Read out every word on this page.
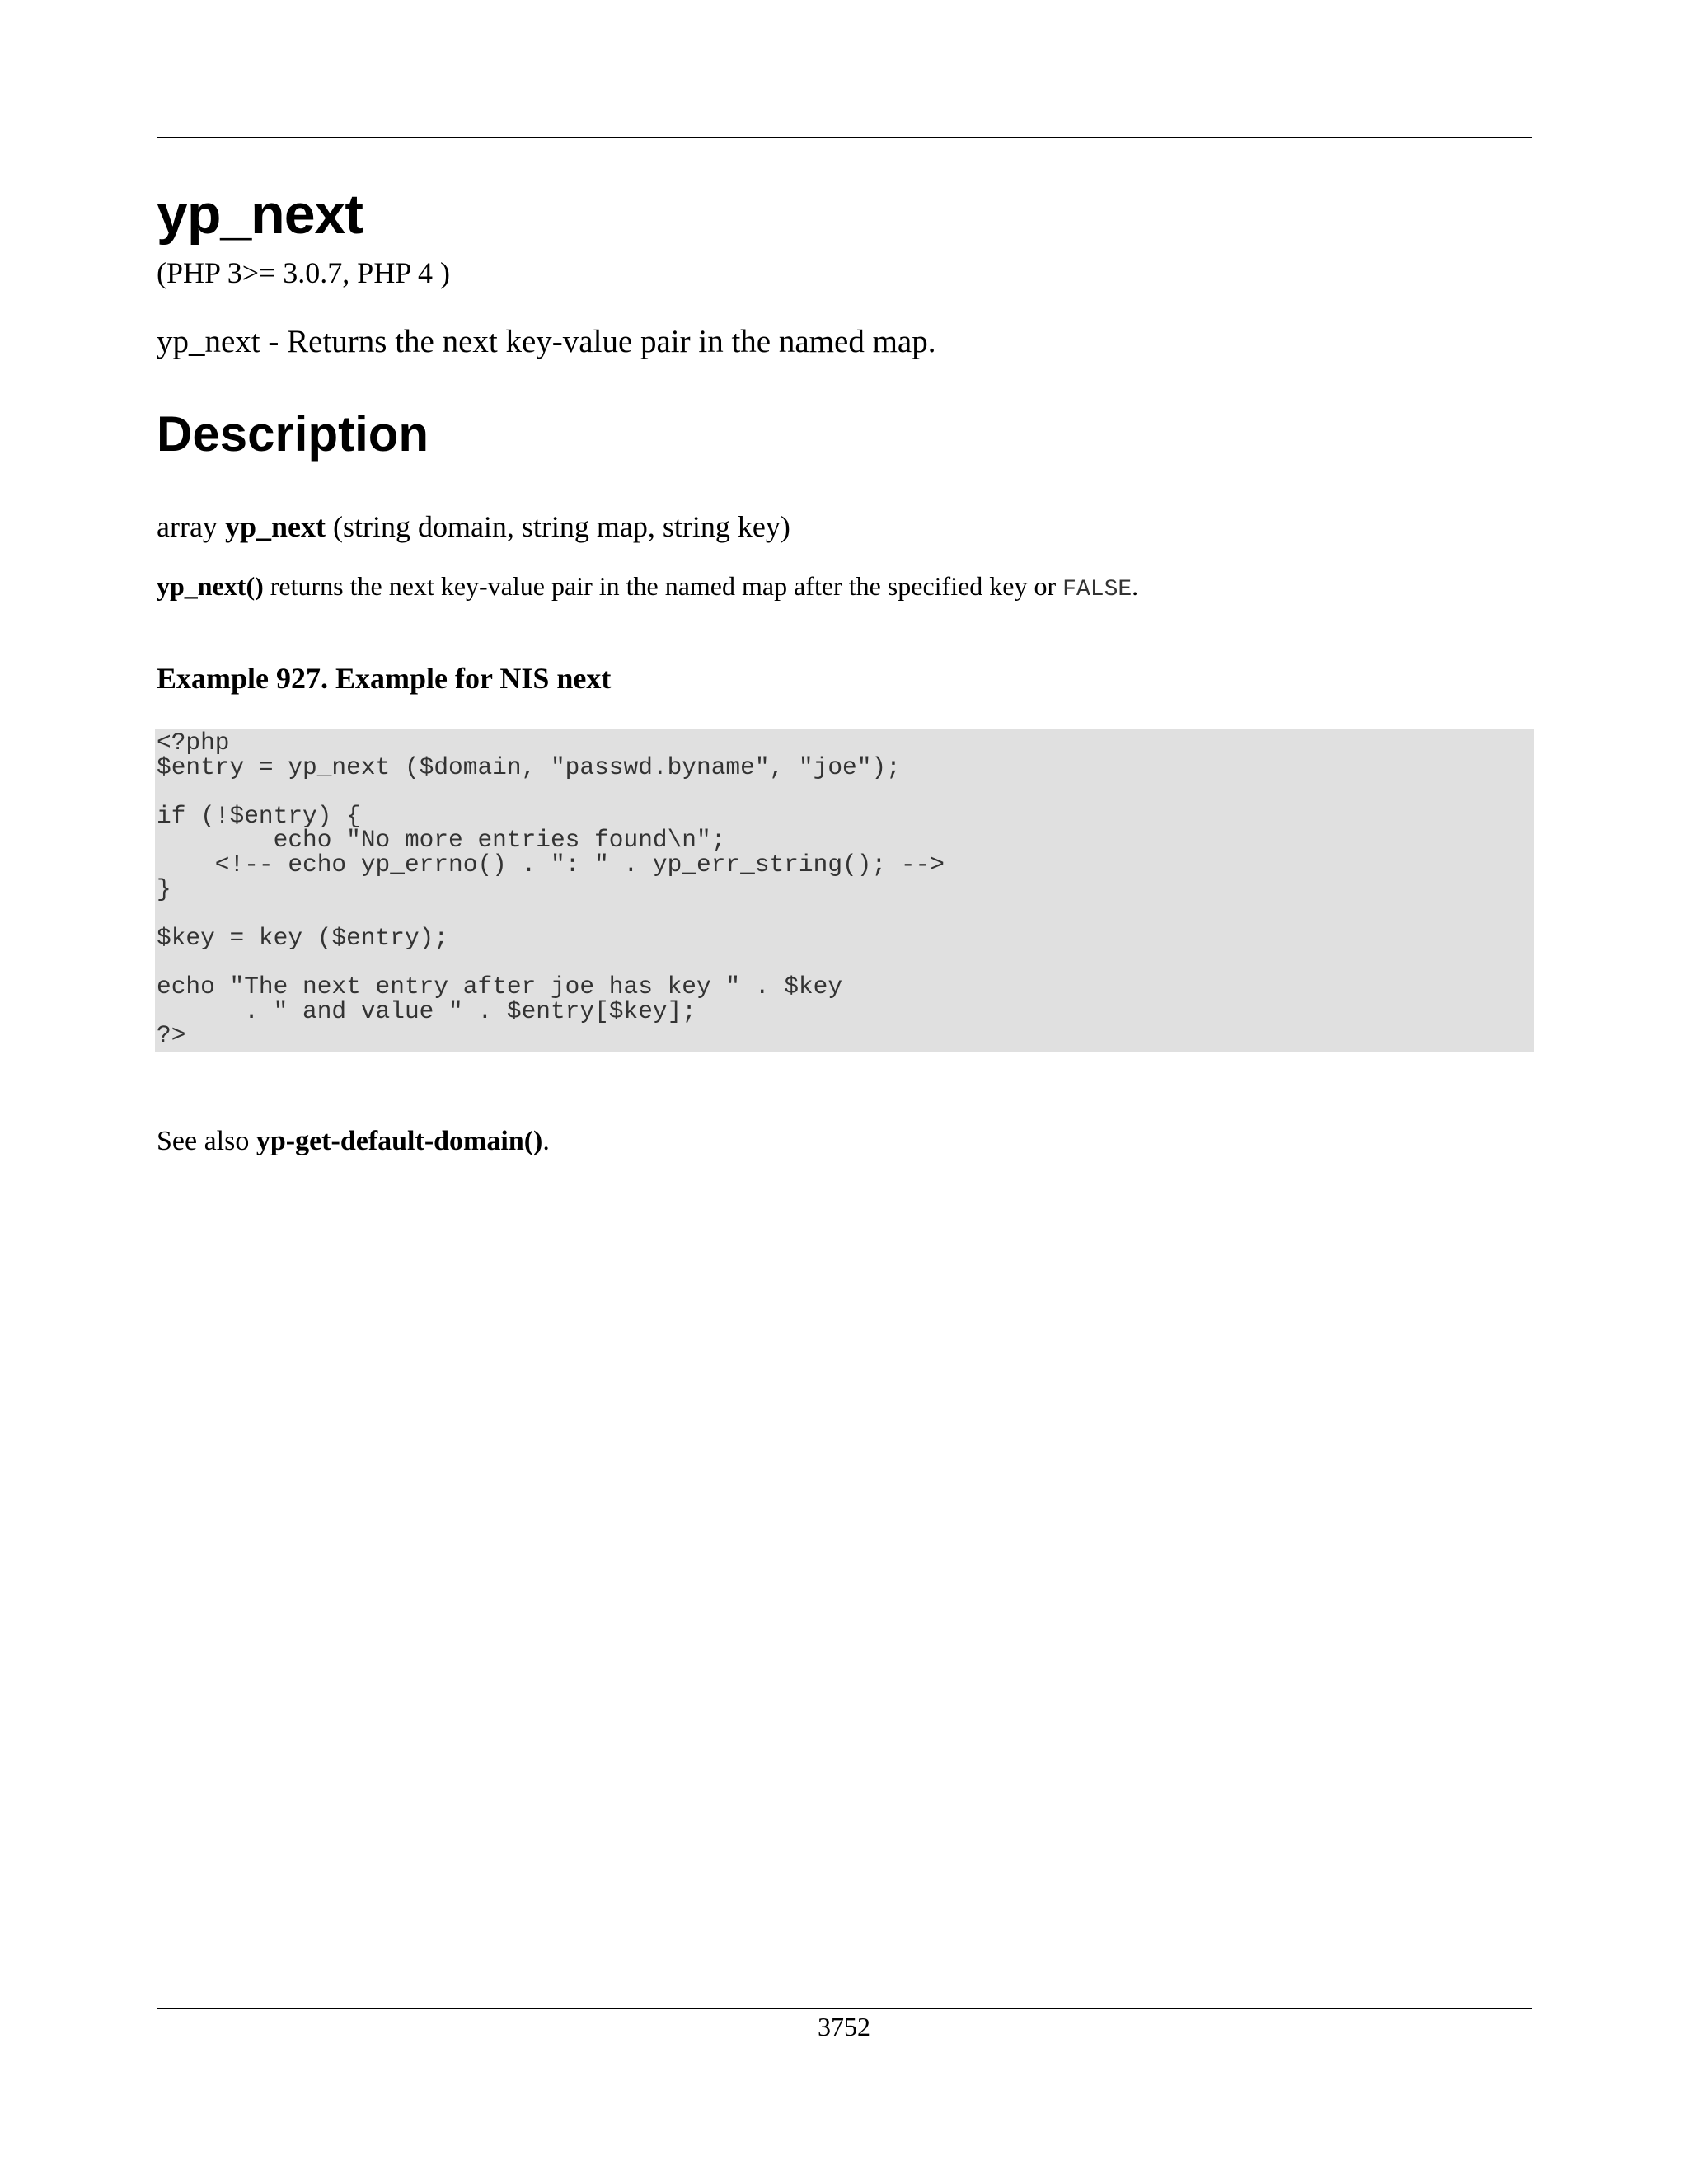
yp_next
(PHP 3>= 3.0.7, PHP 4 )
yp_next - Returns the next key-value pair in the named map.
Description
array yp_next (string domain, string map, string key)
yp_next() returns the next key-value pair in the named map after the specified key or FALSE.
Example 927. Example for NIS next
<?php
$entry = yp_next ($domain, "passwd.byname", "joe");

if (!$entry) {
echo "No more entries found\n";
<!-- echo yp_errno() . ": " . yp_err_string(); -->
}

$key = key ($entry);

echo "The next entry after joe has key " . $key
. " and value " . $entry[$key];
?>
See also yp-get-default-domain().
3752
